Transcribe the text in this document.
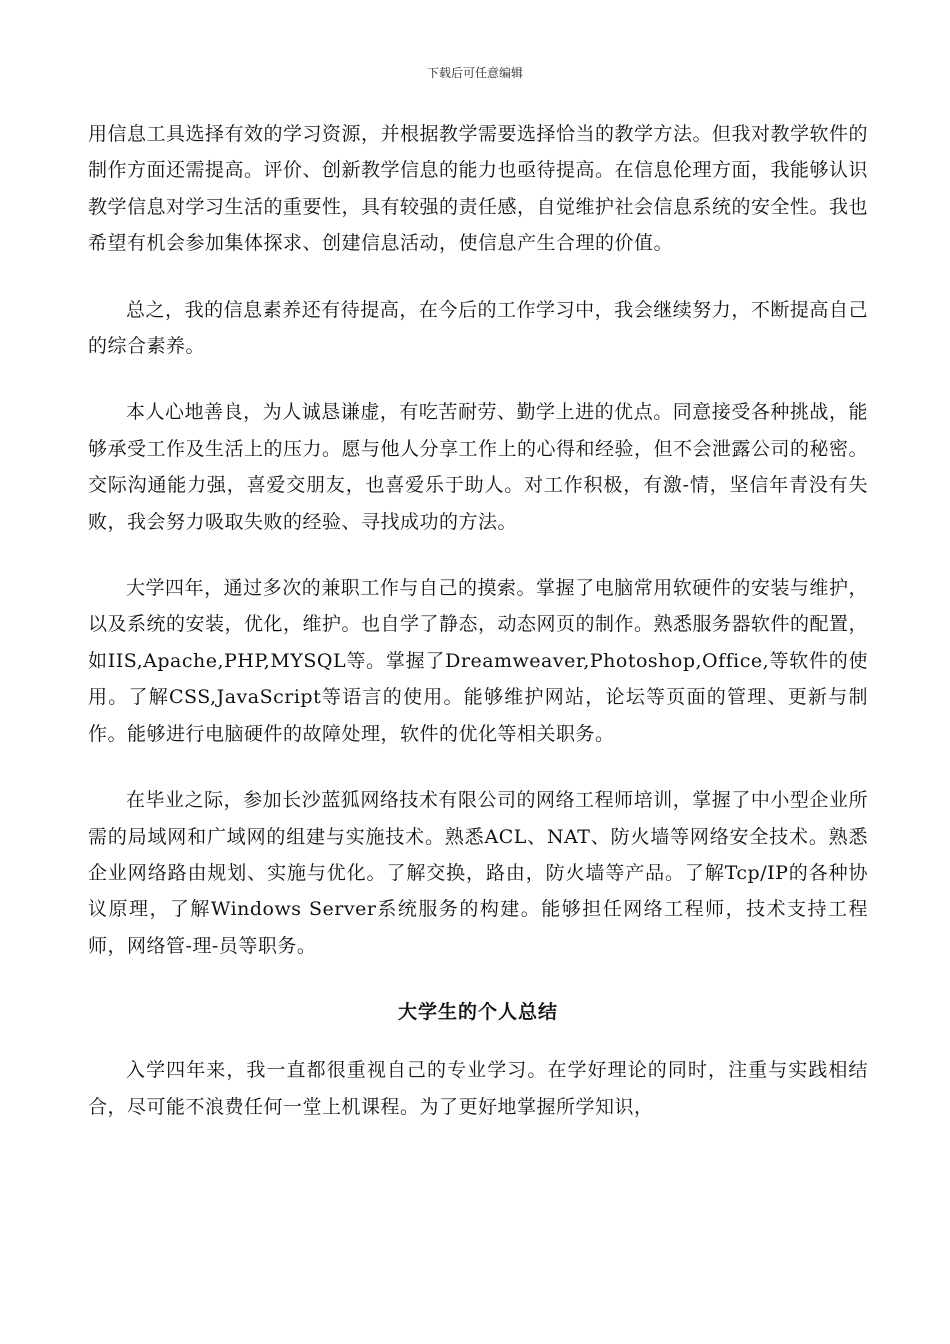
下载后可任意编辑

用信息工具选择有效的学习资源，并根据教学需要选择恰当的教学方法。但我对教学软件的制作方面还需提高。评价、创新教学信息的能力也亟待提高。在信息伦理方面，我能够认识教学信息对学习生活的重要性，具有较强的责任感，自觉维护社会信息系统的安全性。我也希望有机会参加集体探求、创建信息活动，使信息产生合理的价值。

总之，我的信息素养还有待提高，在今后的工作学习中，我会继续努力，不断提高自己的综合素养。

本人心地善良，为人诚恳谦虚，有吃苦耐劳、勤学上进的优点。同意接受各种挑战，能够承受工作及生活上的压力。愿与他人分享工作上的心得和经验，但不会泄露公司的秘密。交际沟通能力强，喜爱交朋友，也喜爱乐于助人。对工作积极，有激-情，坚信年青没有失败，我会努力吸取失败的经验、寻找成功的方法。

大学四年，通过多次的兼职工作与自己的摸索。掌握了电脑常用软硬件的安装与维护，以及系统的安装，优化，维护。也自学了静态，动态网页的制作。熟悉服务器软件的配置，如IIS,Apache,PHP,MYSQL等。掌握了Dreamweaver,Photoshop,Office,等软件的使用。了解CSS,JavaScript等语言的使用。能够维护网站，论坛等页面的管理、更新与制作。能够进行电脑硬件的故障处理，软件的优化等相关职务。

在毕业之际，参加长沙蓝狐网络技术有限公司的网络工程师培训，掌握了中小型企业所需的局域网和广域网的组建与实施技术。熟悉ACL、NAT、防火墙等网络安全技术。熟悉企业网络路由规划、实施与优化。了解交换，路由，防火墙等产品。了解Tcp/IP的各种协议原理，了解Windows Server系统服务的构建。能够担任网络工程师，技术支持工程师，网络管-理-员等职务。

大学生的个人总结

入学四年来，我一直都很重视自己的专业学习。在学好理论的同时，注重与实践相结合，尽可能不浪费任何一堂上机课程。为了更好地掌握所学知识，
